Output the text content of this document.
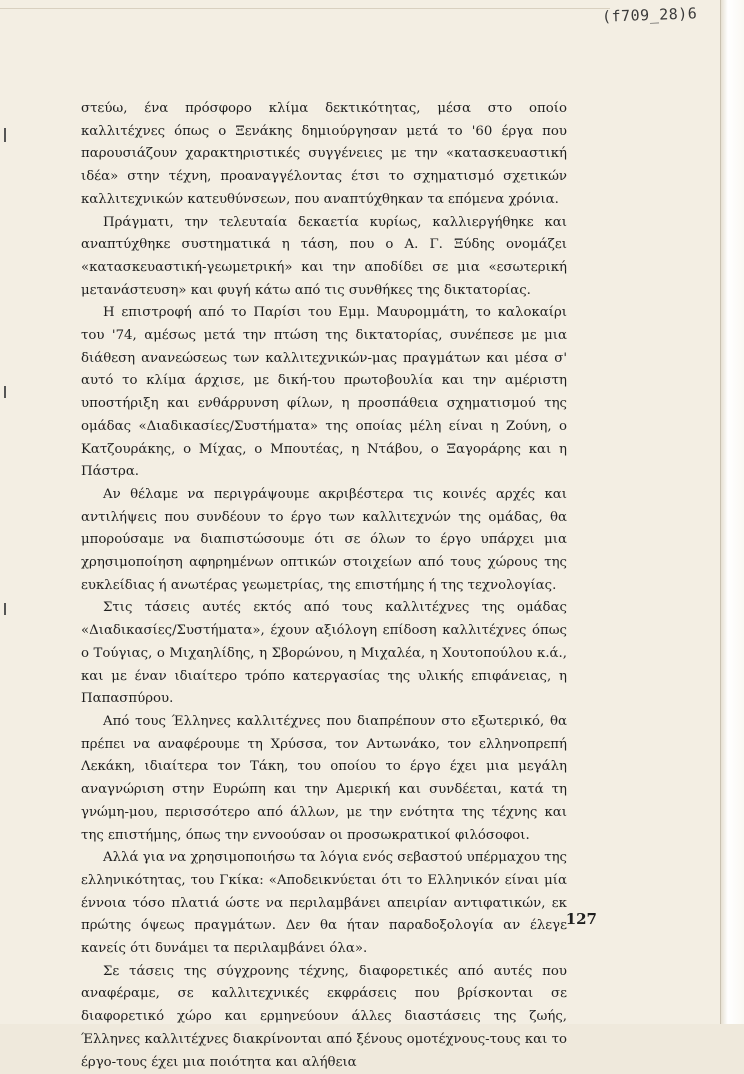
(f709_28)6

στεύω, ένα πρόσφορο κλίμα δεκτικότητας, μέσα στο οποίο καλλιτέχνες όπως ο Ξενάκης δημιούργησαν μετά το '60 έργα που παρουσιάζουν χαρακτηριστικές συγγένειες με την «κατασκευαστική ιδέα» στην τέχνη, προαναγγέλοντας έτσι το σχηματισμό σχετικών καλλιτεχνικών κατευθύνσεων, που αναπτύχθηκαν τα επόμενα χρόνια.

Πράγματι, την τελευταία δεκαετία κυρίως, καλλιεργήθηκε και αναπτύχθηκε συστηματικά η τάση, που ο Α. Γ. Ξύδης ονομάζει «κατασκευαστική-γεωμετρική» και την αποδίδει σε μια «εσωτερική μετανάστευση» και φυγή κάτω από τις συνθήκες της δικτατορίας.

Η επιστροφή από το Παρίσι του Εμμ. Μαυρομμάτη, το καλοκαίρι του '74, αμέσως μετά την πτώση της δικτατορίας, συνέπεσε με μια διάθεση ανανεώσεως των καλλιτεχνικών-μας πραγμάτων και μέσα σ' αυτό το κλίμα άρχισε, με δική-του πρωτοβουλία και την αμέριστη υποστήριξη και ενθάρρυνση φίλων, η προσπάθεια σχηματισμού της ομάδας «Διαδικασίες/Συστήματα» της οποίας μέλη είναι η Ζούνη, ο Κατζουράκης, ο Μίχας, ο Μπουτέας, η Ντάβου, ο Ξαγοράρης και η Πάστρα.

Αν θέλαμε να περιγράψουμε ακριβέστερα τις κοινές αρχές και αντιλήψεις που συνδέουν το έργο των καλλιτεχνών της ομάδας, θα μπορούσαμε να διαπιστώσουμε ότι σε όλων το έργο υπάρχει μια χρησιμοποίηση αφηρημένων οπτικών στοιχείων από τους χώρους της ευκλείδιας ή ανωτέρας γεωμετρίας, της επιστήμης ή της τεχνολογίας.

Στις τάσεις αυτές εκτός από τους καλλιτέχνες της ομάδας «Διαδικασίες/Συστήματα», έχουν αξιόλογη επίδοση καλλιτέχνες όπως ο Τούγιας, ο Μιχαηλίδης, η Σβορώνου, η Μιχαλέα, η Χουτοπούλου κ.ά., και με έναν ιδιαίτερο τρόπο κατεργασίας της υλικής επιφάνειας, η Παπασπύρου.

Από τους Έλληνες καλλιτέχνες που διαπρέπουν στο εξωτερικό, θα πρέπει να αναφέρουμε τη Χρύσσα, τον Αντωνάκο, τον ελληνοπρεπή Λεκάκη, ιδιαίτερα τον Τάκη, του οποίου το έργο έχει μια μεγάλη αναγνώριση στην Ευρώπη και την Αμερική και συνδέεται, κατά τη γνώμη-μου, περισσότερο από άλλων, με την ενότητα της τέχνης και της επιστήμης, όπως την ενvοούσαν οι προσωκρατικοί φιλόσοφοι.

Αλλά για να χρησιμοποιήσω τα λόγια ενός σεβαστού υπέρμαχου της ελληνικότητας, του Γκίκα: «Αποδεικνύεται ότι το Ελληνικόν είναι μία έννοια τόσο πλατιά ώστε να περιλαμβάνει απειρίαν αντιφατικών, εκ πρώτης όψεως πραγμάτων. Δεν θα ήταν παραδοξολογία αν έλεγε κανείς ότι δυνάμει τα περιλαμβάνει όλα».

Σε τάσεις της σύγχρονης τέχνης, διαφορετικές από αυτές που αναφέραμε, σε καλλιτεχνικές εκφράσεις που βρίσκονται σε διαφορετικό χώρο και ερμηνεύουν άλλες διαστάσεις της ζωής, Έλληνες καλλιτέχνες διακρίνονται από ξένους ομοτέχνους-τους και το έργο-τους έχει μια ποιότητα και αλήθεια

127
